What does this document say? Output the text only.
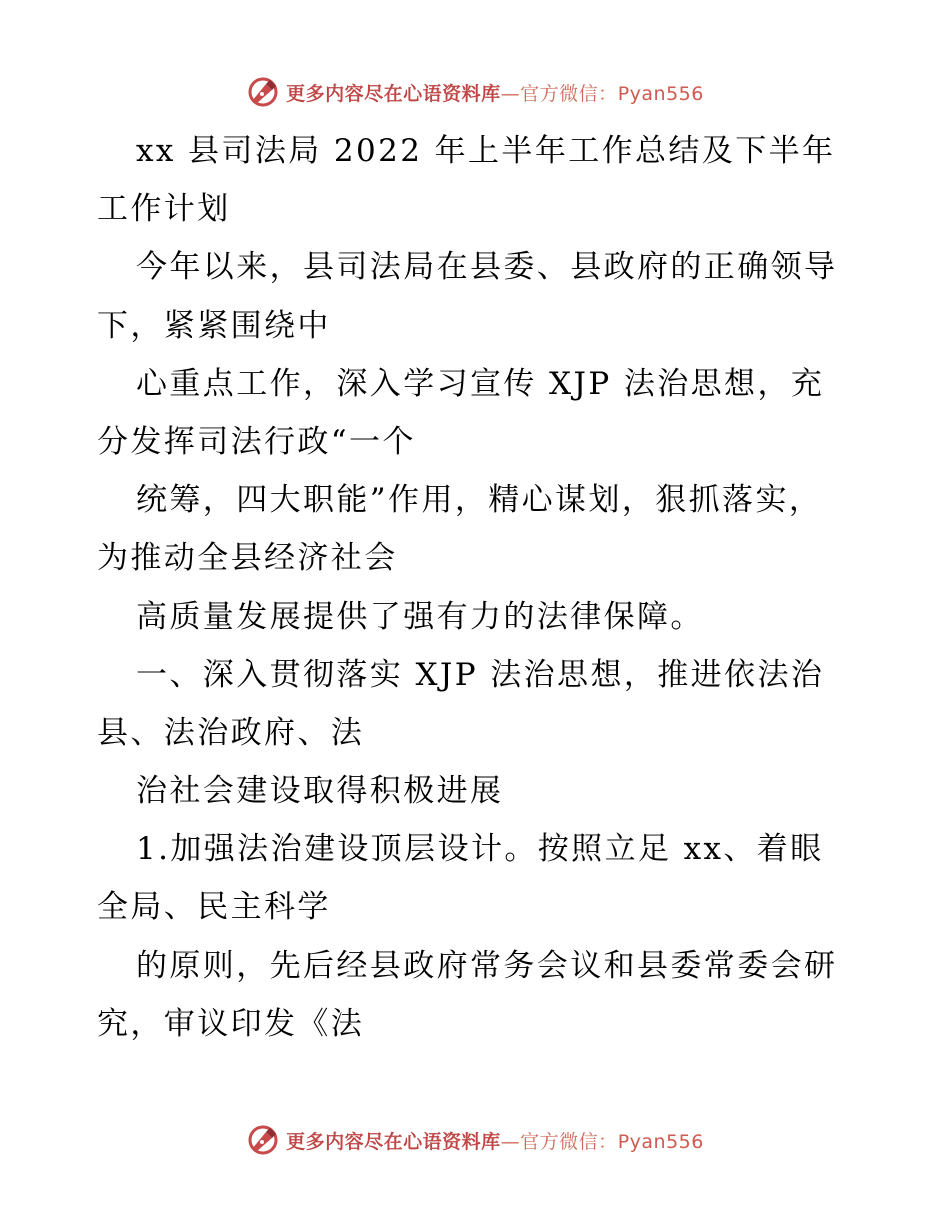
更多内容尽在心语资料库—官方微信：Pyan556
xx 县司法局 2022 年上半年工作总结及下半年
工作计划
今年以来，县司法局在县委、县政府的正确领导
下，紧紧围绕中
心重点工作，深入学习宣传 XJP 法治思想，充
分发挥司法行政“一个
统筹，四大职能”作用，精心谋划，狠抓落实，
为推动全县经济社会
高质量发展提供了强有力的法律保障。
一、深入贯彻落实 XJP 法治思想，推进依法治
县、法治政府、法
治社会建设取得积极进展
1.加强法治建设顶层设计。按照立足 xx、着眼
全局、民主科学
的原则，先后经县政府常务会议和县委常委会研
究，审议印发《法
更多内容尽在心语资料库—官方微信：Pyan556
